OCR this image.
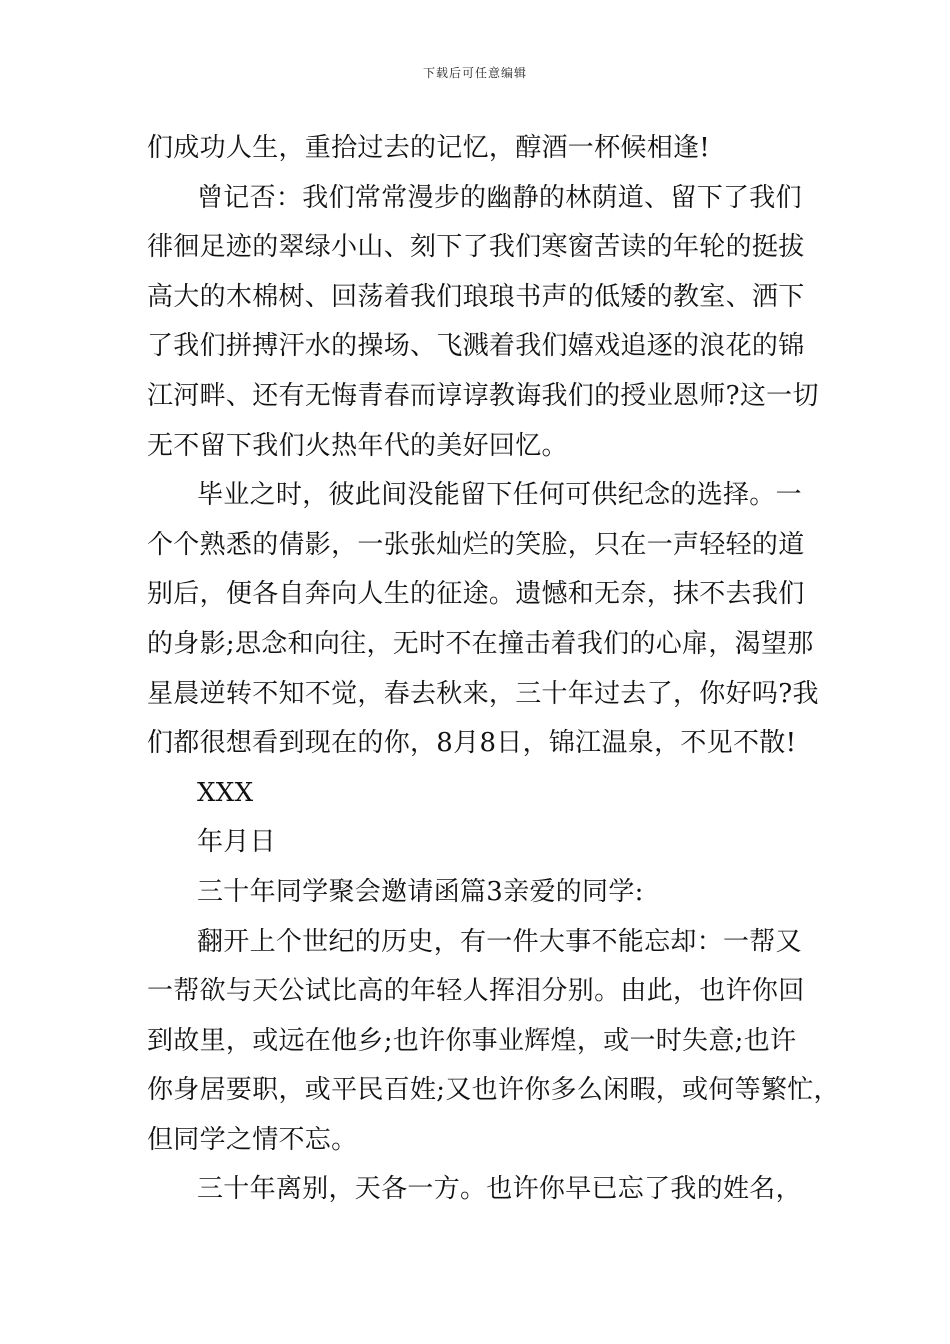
下载后可任意编辑
们成功人生，重拾过去的记忆，醇酒一杯候相逢!
曾记否：我们常常漫步的幽静的林荫道、留下了我们
徘徊足迹的翠绿小山、刻下了我们寒窗苦读的年轮的挺拔
高大的木棉树、回荡着我们琅琅书声的低矮的教室、洒下
了我们拼搏汗水的操场、飞溅着我们嬉戏追逐的浪花的锦
江河畔、还有无悔青春而谆谆教诲我们的授业恩师?这一切
无不留下我们火热年代的美好回忆。
毕业之时，彼此间没能留下任何可供纪念的选择。一
个个熟悉的倩影，一张张灿烂的笑脸，只在一声轻轻的道
别后，便各自奔向人生的征途。遗憾和无奈，抹不去我们
的身影;思念和向往，无时不在撞击着我们的心扉，渴望那
星晨逆转不知不觉，春去秋来，三十年过去了，你好吗?我
们都很想看到现在的你，8月8日，锦江温泉，不见不散!
XXX
年月日
三十年同学聚会邀请函篇3亲爱的同学:
翻开上个世纪的历史，有一件大事不能忘却：一帮又
一帮欲与天公试比高的年轻人挥泪分别。由此，也许你回
到故里，或远在他乡;也许你事业辉煌，或一时失意;也许
你身居要职，或平民百姓;又也许你多么闲暇，或何等繁忙，
但同学之情不忘。
三十年离别，天各一方。也许你早已忘了我的姓名，
